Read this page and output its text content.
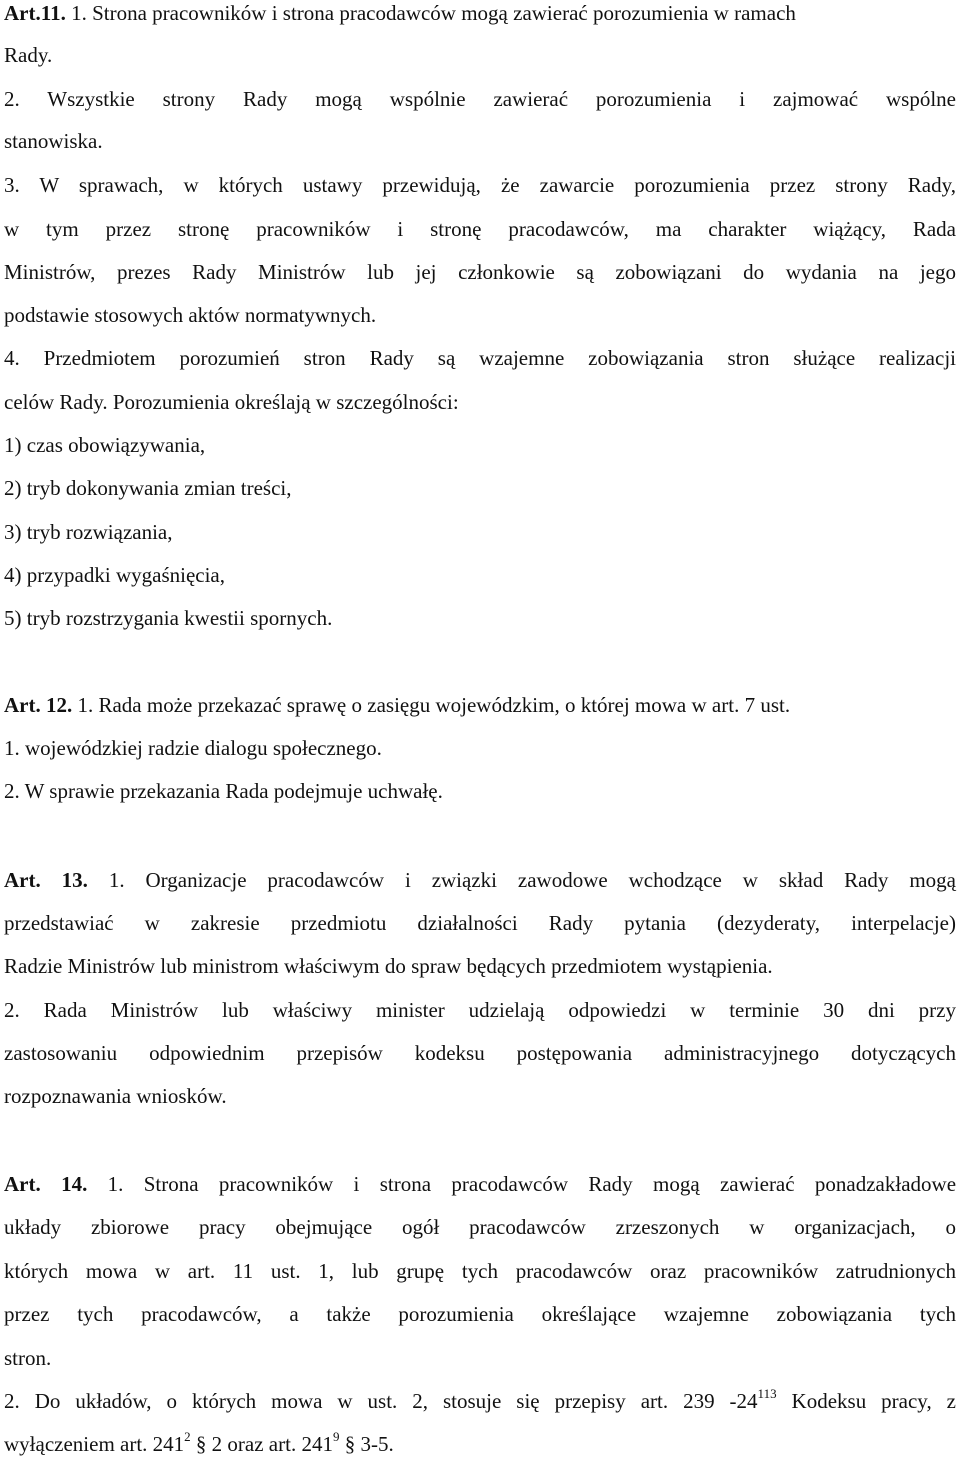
Art.11. 1. Strona pracowników i strona pracodawców mogą zawierać porozumienia w ramach
Rady.
2. Wszystkie strony Rady mogą wspólnie zawierać porozumienia i zajmować wspólne
stanowiska.
3. W sprawach, w których ustawy przewidują, że zawarcie porozumienia przez strony Rady,
w tym przez stronę pracowników i stronę pracodawców, ma charakter wiążący, Rada
Ministrów, prezes Rady Ministrów lub jej członkowie są zobowiązani do wydania na jego
podstawie stosowych aktów normatywnych.
4. Przedmiotem porozumień stron Rady są wzajemne zobowiązania stron służące realizacji
celów Rady. Porozumienia określają w szczególności:
1) czas obowiązywania,
2) tryb dokonywania zmian treści,
3) tryb rozwiązania,
4) przypadki wygaśnięcia,
5) tryb rozstrzygania kwestii spornych.
Art. 12. 1. Rada może przekazać sprawę o zasięgu wojewódzkim, o której mowa w art. 7 ust.
1. wojewódzkiej radzie dialogu społecznego.
2. W sprawie przekazania Rada podejmuje uchwałę.
Art. 13. 1. Organizacje pracodawców i związki zawodowe wchodzące w skład Rady mogą
przedstawiać w zakresie przedmiotu działalności Rady pytania (dezyderaty, interpelacje)
Radzie Ministrów lub ministrom właściwym do spraw będących przedmiotem wystąpienia.
2. Rada Ministrów lub właściwy minister udzielają odpowiedzi w terminie 30 dni przy
zastosowaniu odpowiednim przepisów kodeksu postępowania administracyjnego dotyczących
rozpoznawania wniosków.
Art. 14. 1. Strona pracowników i strona pracodawców Rady mogą zawierać ponadzakładowe
układy zbiorowe pracy obejmujące ogół pracodawców zrzeszonych w organizacjach, o
których mowa w art. 11 ust. 1, lub grupę tych pracodawców oraz pracowników zatrudnionych
przez tych pracodawców, a także porozumienia określające wzajemne zobowiązania tych
stron.
2. Do układów, o których mowa w ust. 2, stosuje się przepisy art. 239 $-24^{113}$ Kodeksu pracy, z
wyłączeniem art. $241^2$ § 2 oraz art. $241^9$ § 3-5.
